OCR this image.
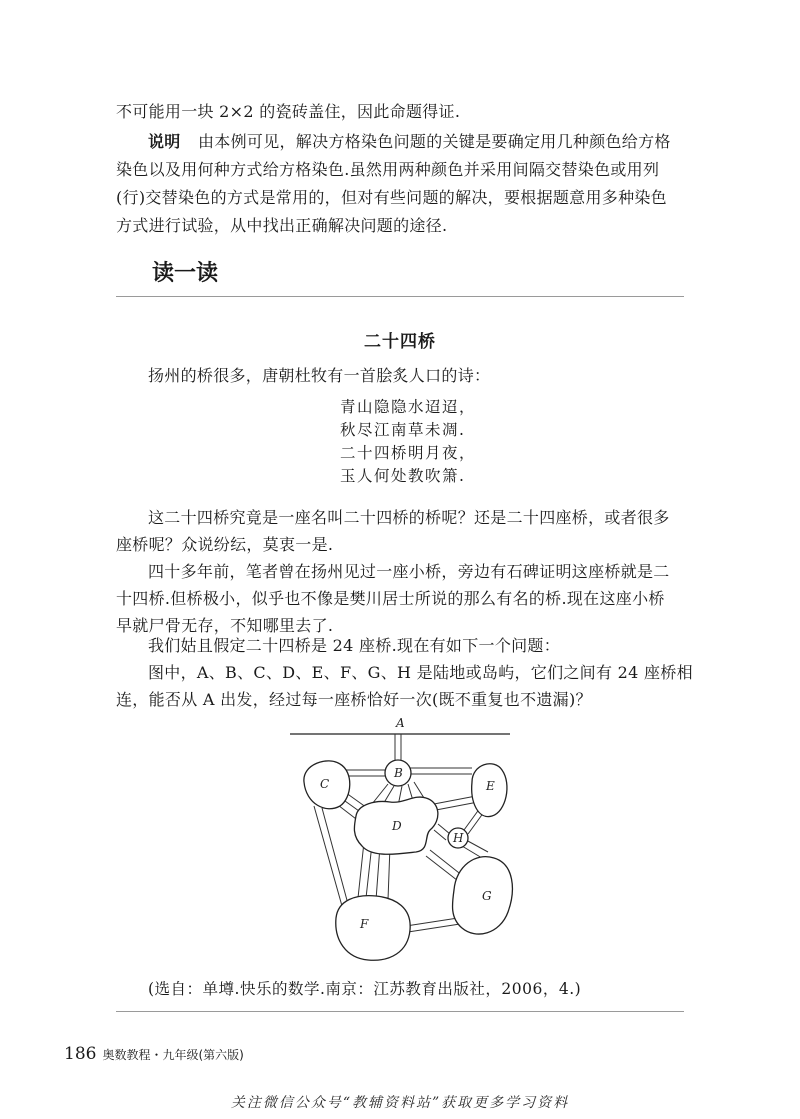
不可能用一块 2×2 的瓷砖盖住，因此命题得证.
说明 由本例可见，解决方格染色问题的关键是要确定用几种颜色给方格
染色以及用何种方式给方格染色.虽然用两种颜色并采用间隔交替染色或用列
(行)交替染色的方式是常用的，但对有些问题的解决，要根据题意用多种染色
方式进行试验，从中找出正确解决问题的途径.
读一读
二十四桥
扬州的桥很多，唐朝杜牧有一首脍炙人口的诗：
青山隐隐水迢迢，
秋尽江南草未凋.
二十四桥明月夜，
玉人何处教吹箫.
这二十四桥究竟是一座名叫二十四桥的桥呢？还是二十四座桥，或者很多
座桥呢？众说纷纭，莫衷一是.
四十多年前，笔者曾在扬州见过一座小桥，旁边有石碑证明这座桥就是二
十四桥.但桥极小，似乎也不像是樊川居士所说的那么有名的桥.现在这座小桥
早就尸骨无存，不知哪里去了.
我们姑且假定二十四桥是 24 座桥.现在有如下一个问题：
图中，A、B、C、D、E、F、G、H 是陆地或岛屿，它们之间有 24 座桥相
连，能否从 A 出发，经过每一座桥恰好一次(既不重复也不遗漏)？
A
C
B
E
D
H
G
F
(选自：单墫.快乐的数学.南京：江苏教育出版社，2006，4.)
186 奥数教程・九年级(第六版)
关注微信公众号“教辅资料站”获取更多学习资料
